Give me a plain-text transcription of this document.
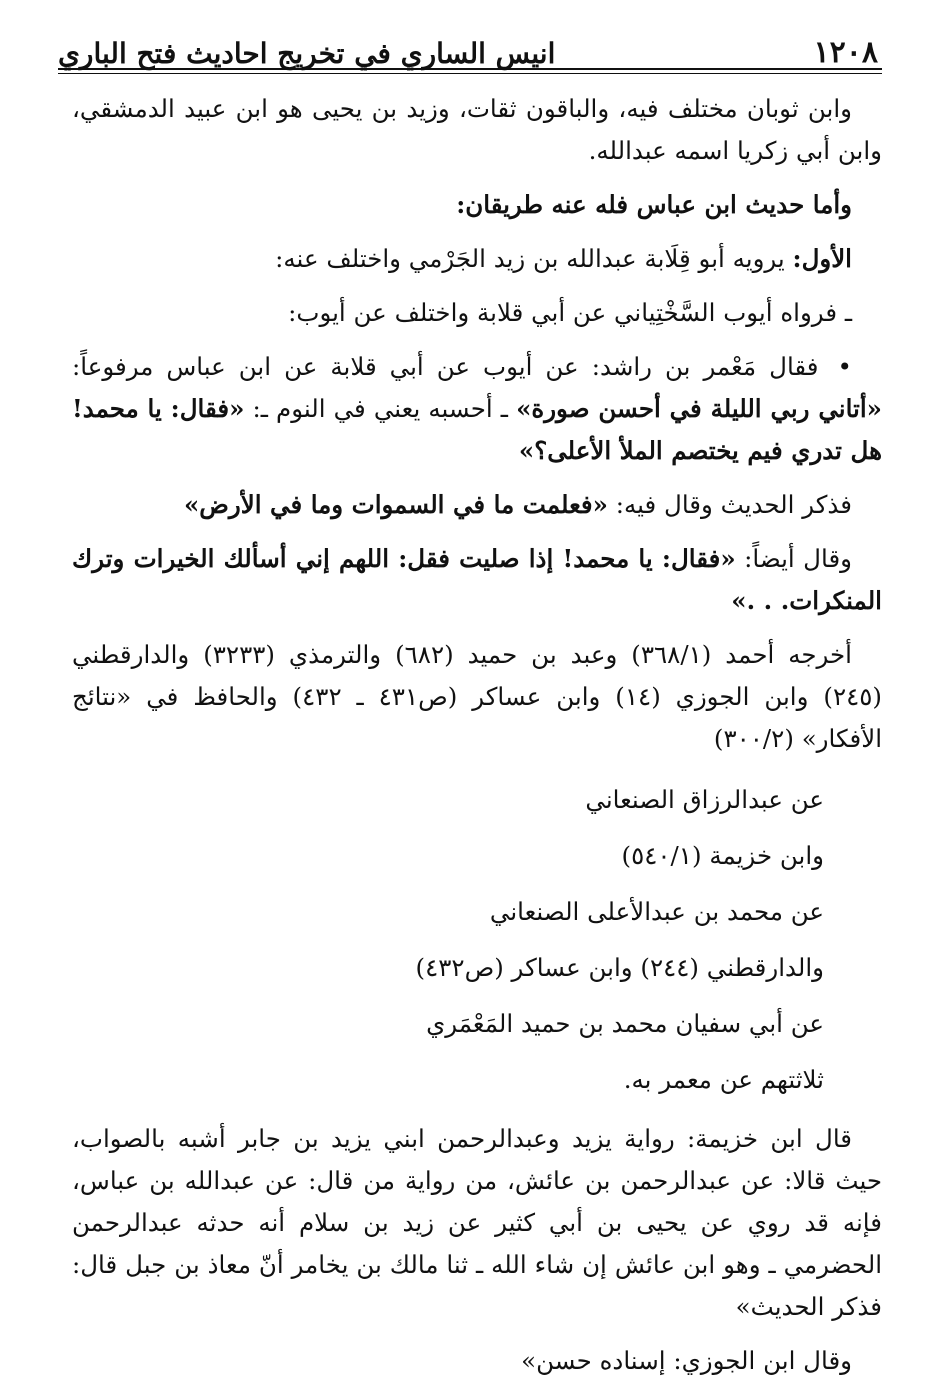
١٢٠٨
انيس الساري في تخريج احاديث فتح الباري

وابن ثوبان مختلف فيه، والباقون ثقات، وزيد بن يحيى هو ابن عبيد الدمشقي، وابن أبي زكريا اسمه عبدالله.

وأما حديث ابن عباس فله عنه طريقان:

الأول: يرويه أبو قِلَابة عبدالله بن زيد الجَرْمي واختلف عنه:

ـ فرواه أيوب السَّخْتِياني عن أبي قلابة واختلف عن أيوب:

• فقال مَعْمر بن راشد: عن أيوب عن أبي قلابة عن ابن عباس مرفوعاً: «أتاني ربي الليلة في أحسن صورة» ـ أحسبه يعني في النوم ـ: «فقال: يا محمد! هل تدري فيم يختصم الملأ الأعلى؟»

فذكر الحديث وقال فيه: «فعلمت ما في السموات وما في الأرض»

وقال أيضاً: «فقال: يا محمد! إذا صليت فقل: اللهم إني أسألك الخيرات وترك المنكرات. . .»

أخرجه أحمد (٣٦٨/١) وعبد بن حميد (٦٨٢) والترمذي (٣٢٣٣) والدارقطني (٢٤٥) وابن الجوزي (١٤) وابن عساكر (ص٤٣١ ـ ٤٣٢) والحافظ في «نتائج الأفكار» (٣٠٠/٢)

عن عبدالرزاق الصنعاني
وابن خزيمة (٥٤٠/١)
عن محمد بن عبدالأعلى الصنعاني
والدارقطني (٢٤٤) وابن عساكر (ص٤٣٢)
عن أبي سفيان محمد بن حميد المَعْمَري
ثلاثتهم عن معمر به.

قال ابن خزيمة: رواية يزيد وعبدالرحمن ابني يزيد بن جابر أشبه بالصواب، حيث قالا: عن عبدالرحمن بن عائش، من رواية من قال: عن عبدالله بن عباس، فإنه قد روي عن يحيى بن أبي كثير عن زيد بن سلام أنه حدثه عبدالرحمن الحضرمي ـ وهو ابن عائش إن شاء الله ـ ثنا مالك بن يخامر أنّ معاذ بن جبل قال: فذكر الحديث»

وقال ابن الجوزي: إسناده حسن»
